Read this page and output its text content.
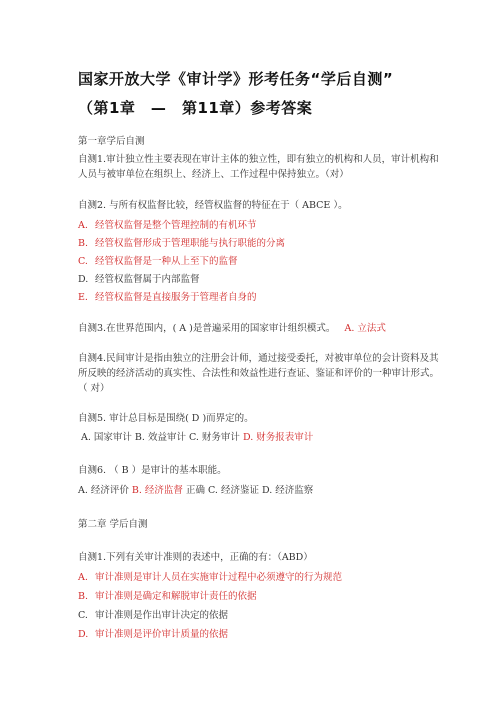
国家开放大学《审计学》形考任务“学后自测”
（第1章　—　第11章）参考答案
第一章学后自测
自测1.审计独立性主要表现在审计主体的独立性，即有独立的机构和人员，审计机构和人员与被审单位在组织上、经济上、工作过程中保持独立。（对）
自测2. 与所有权监督比较，经管权监督的特征在于（ ABCE ）。
A. 经管权监督是整个管理控制的有机环节
B. 经管权监督形成于管理职能与执行职能的分离
C. 经管权监督是一种从上至下的监督
D. 经管权监督属于内部监督
E. 经管权监督是直接服务于管理者自身的
自测3.在世界范围内，( A )是普遍采用的国家审计组织模式。 A. 立法式
自测4.民间审计是指由独立的注册会计师，通过接受委托，对被审单位的会计资料及其所反映的经济活动的真实性、合法性和效益性进行查证、鉴证和评价的一种审计形式。（ 对）
自测5. 审计总目标是围绕( D )而界定的。
A. 国家审计 B. 效益审计 C. 财务审计 D. 财务报表审计
自测6. （ B ）是审计的基本职能。
A. 经济评价 B. 经济监督 正确 C. 经济鉴证 D. 经济监察
第二章 学后自测
自测1.下列有关审计准则的表述中，正确的有：（ABD）
A. 审计准则是审计人员在实施审计过程中必须遵守的行为规范
B. 审计准则是确定和解脱审计责任的依据
C. 审计准则是作出审计决定的依据
D. 审计准则是评价审计质量的依据
